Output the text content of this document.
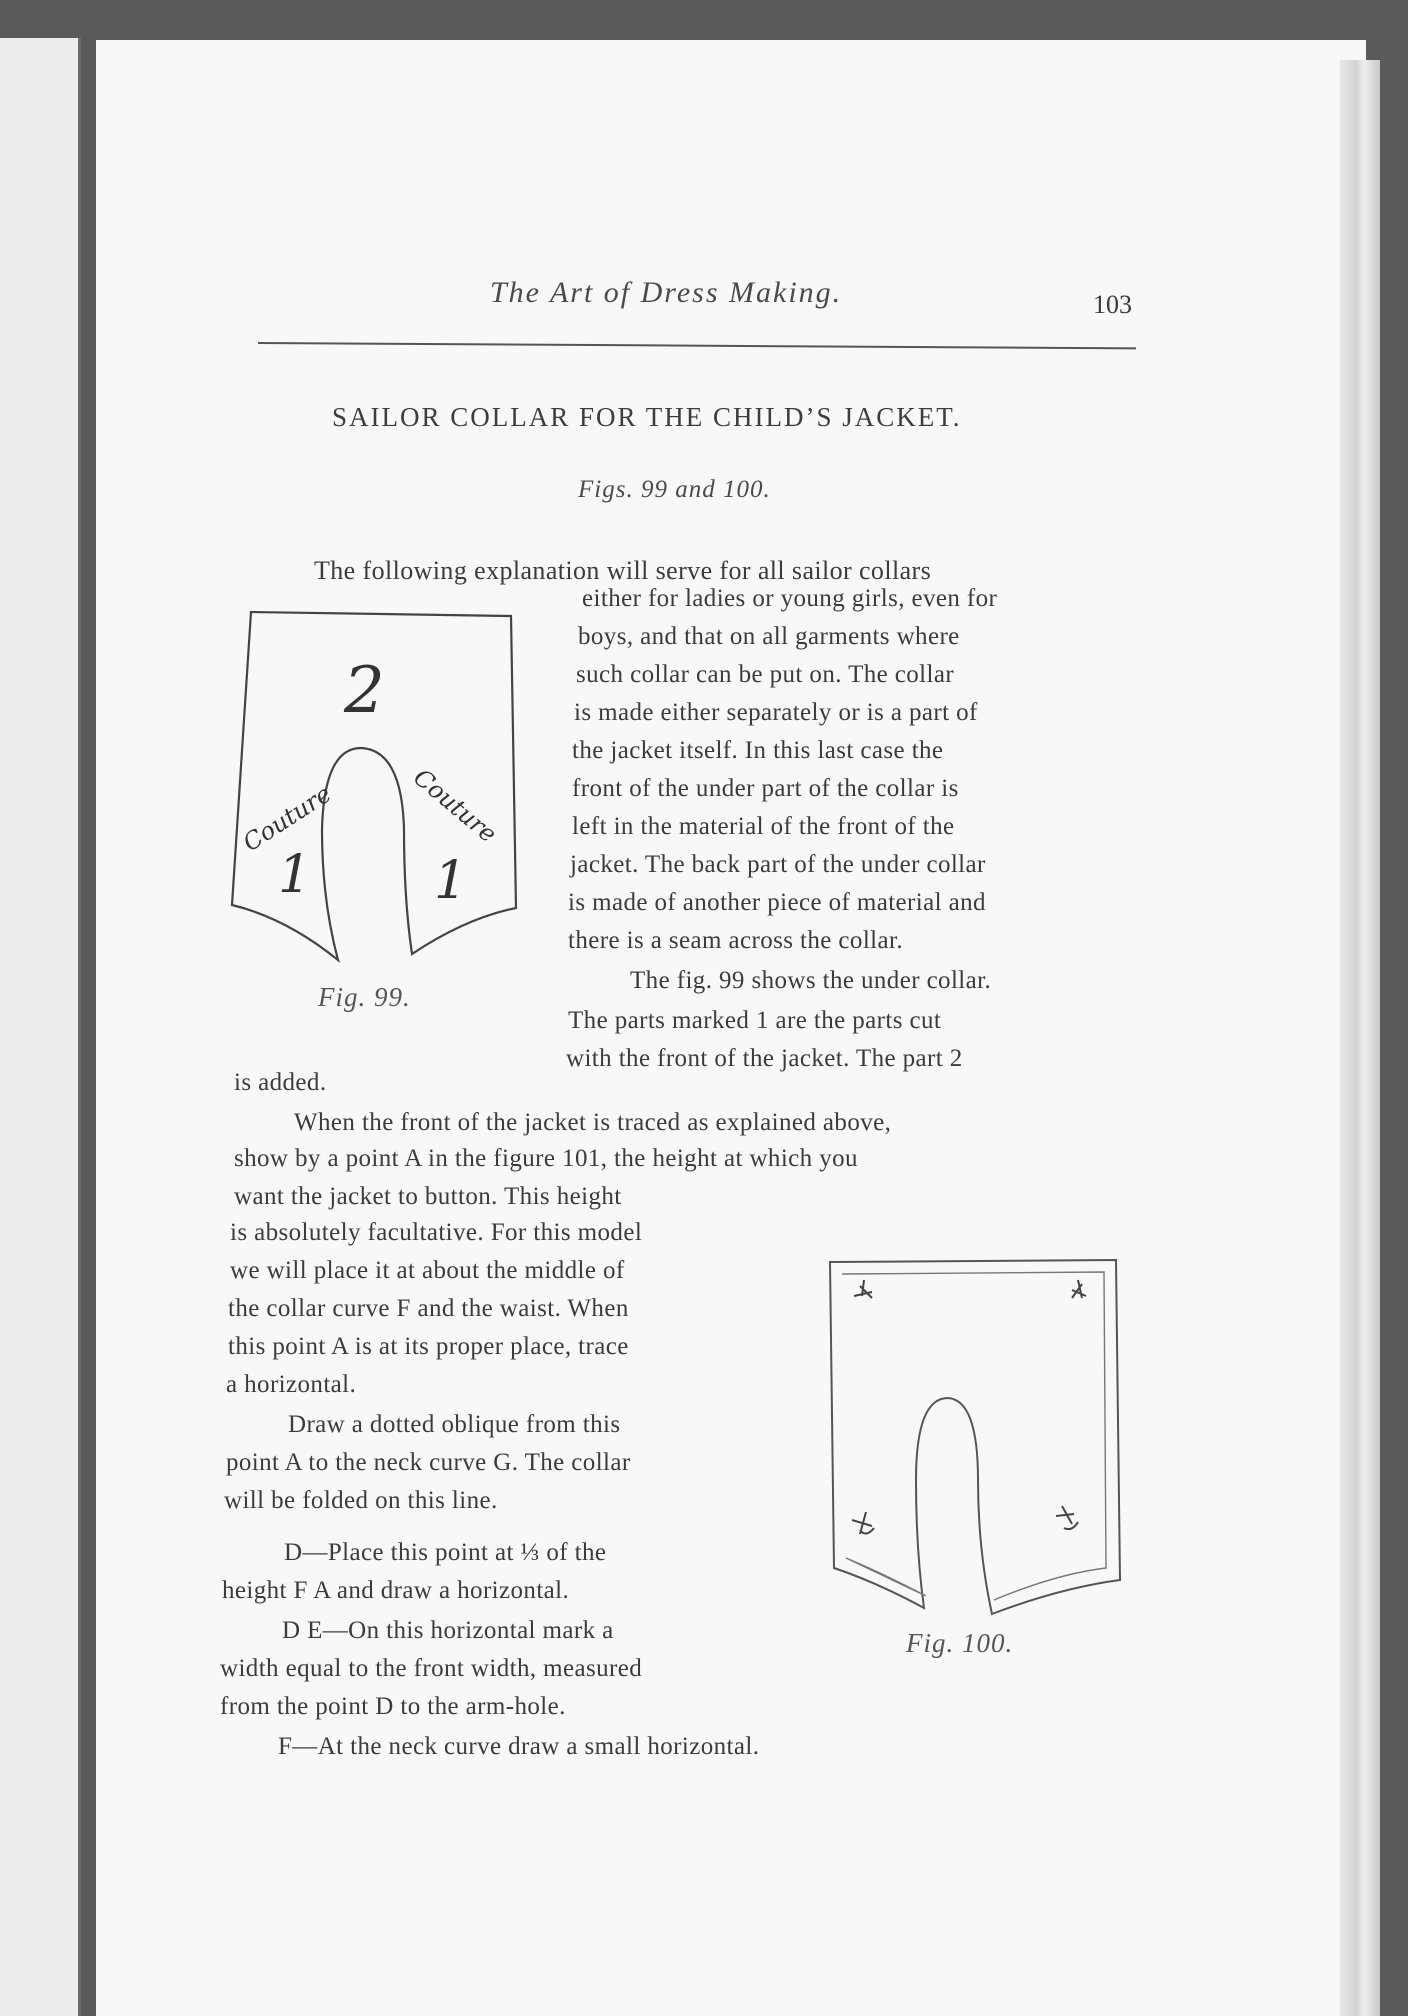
The Art of Dress Making.	103
SAILOR COLLAR FOR THE CHILD’S JACKET.
Figs. 99 and 100.
2
1 1
Couture	Couture
Fig. 99.
Fig. 100.
The following explanation will serve for all sailor collars
either for ladies or young girls, even for
boys, and that on all garments where
such collar can be put on. The collar
is made either separately or is a part of
the jacket itself. In this last case the
front of the under part of the collar is
left in the material of the front of the
jacket. The back part of the under collar
is made of another piece of material and
there is a seam across the collar.
The fig. 99 shows the under collar.
The parts marked 1 are the parts cut
with the front of the jacket. The part 2
is added.
When the front of the jacket is traced as explained above,
show by a point A in the figure 101, the height at which you
want the jacket to button. This height
is absolutely facultative. For this model
we will place it at about the middle of
the collar curve F and the waist. When
this point A is at its proper place, trace
a horizontal.
Draw a dotted oblique from this
point A to the neck curve G. The collar
will be folded on this line.
D—Place this point at ⅓ of the
height F A and draw a horizontal.
D E—On this horizontal mark a
width equal to the front width, measured
from the point D to the arm-hole.
F—At the neck curve draw a small horizontal.
